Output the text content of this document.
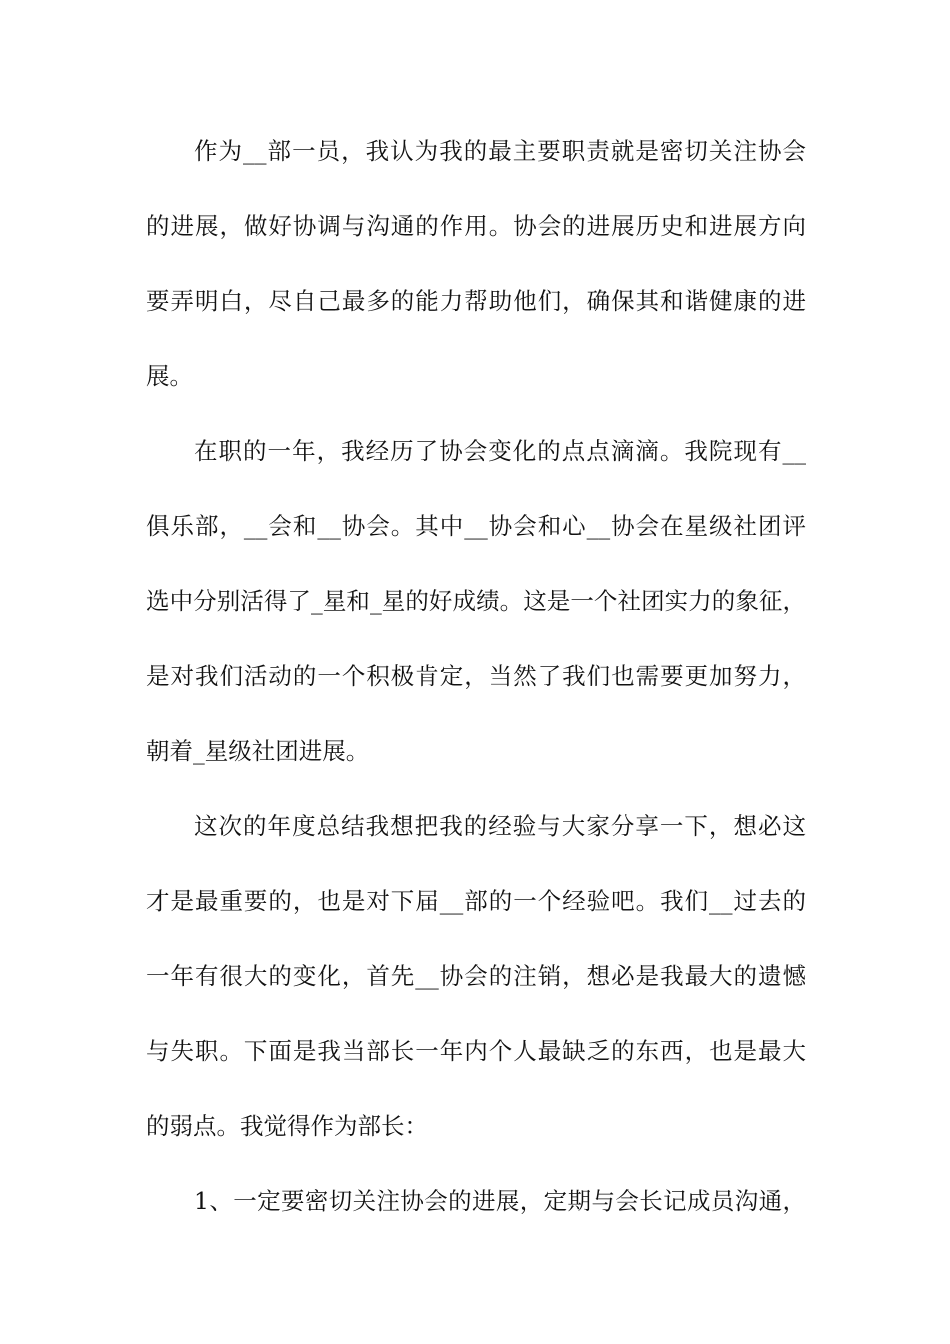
作为__部一员，我认为我的最主要职责就是密切关注协会
的进展，做好协调与沟通的作用。协会的进展历史和进展方向
要弄明白，尽自己最多的能力帮助他们，确保其和谐健康的进
展。
在职的一年，我经历了协会变化的点点滴滴。我院现有__
俱乐部，__会和__协会。其中__协会和心__协会在星级社团评
选中分别活得了_星和_星的好成绩。这是一个社团实力的象征，
是对我们活动的一个积极肯定，当然了我们也需要更加努力，
朝着_星级社团进展。
这次的年度总结我想把我的经验与大家分享一下，想必这
才是最重要的，也是对下届__部的一个经验吧。我们__过去的
一年有很大的变化，首先__协会的注销，想必是我最大的遗憾
与失职。下面是我当部长一年内个人最缺乏的东西，也是最大
的弱点。我觉得作为部长：
1、一定要密切关注协会的进展，定期与会长记成员沟通，
